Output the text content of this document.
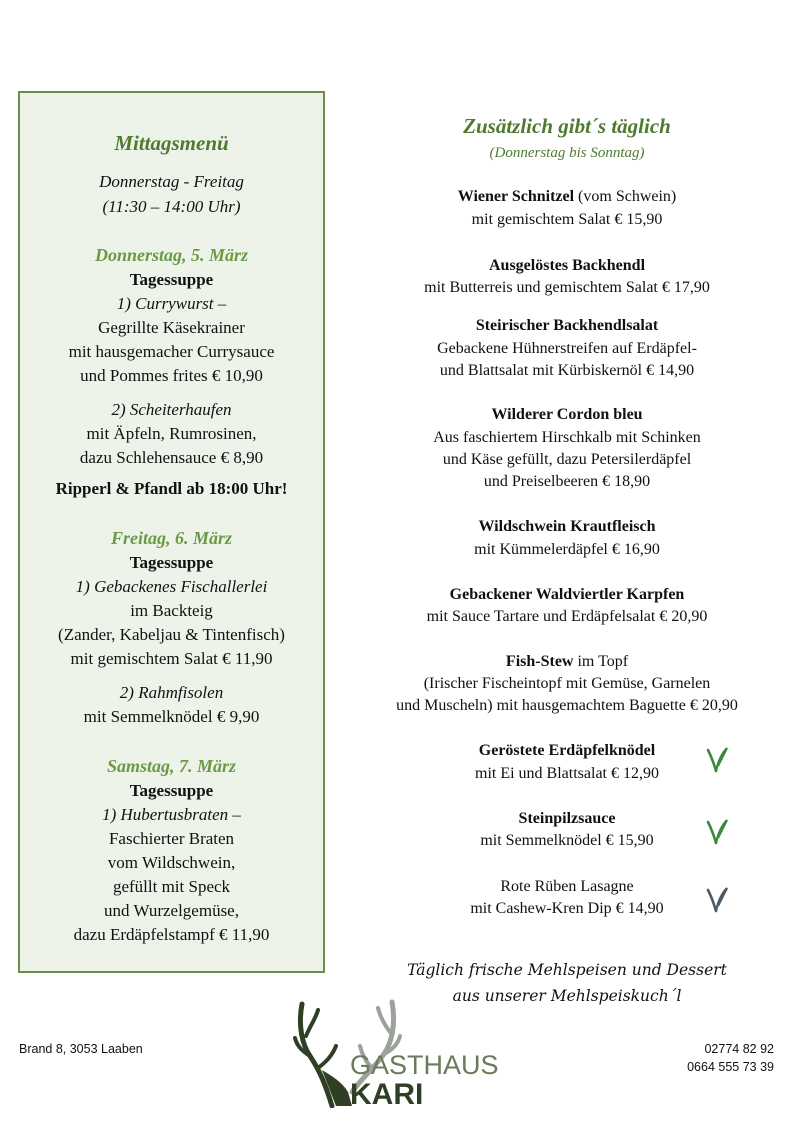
Mittagsmenü
Donnerstag - Freitag
(11:30 – 14:00 Uhr)
Donnerstag, 5. März
Tagessuppe
1) Currywurst –
Gegrillte Käsekrainer
mit hausgemacher Currysauce
und Pommes frites € 10,90
2) Scheiterhaufen
mit Äpfeln, Rumrosinen,
dazu Schlehensauce € 8,90
Ripperl & Pfandl ab 18:00 Uhr!
Freitag, 6. März
Tagessuppe
1) Gebackenes Fischallerlei
im Backteig
(Zander, Kabeljau & Tintenfisch)
mit gemischtem Salat € 11,90
2) Rahmfisolen
mit Semmelknödel € 9,90
Samstag, 7. März
Tagessuppe
1) Hubertusbraten –
Faschierter Braten
vom Wildschwein,
gefüllt mit Speck
und Wurzelgemüse,
dazu Erdäpfelstampf € 11,90
Zusätzlich gibt´s täglich
(Donnerstag bis Sonntag)
Wiener Schnitzel (vom Schwein)
mit gemischtem Salat € 15,90
Ausgelöstes Backhendl
mit Butterreis und gemischtem Salat € 17,90
Steirischer Backhendlsalat
Gebackene Hühnerstreifen auf Erdäpfel-
und Blattsalat mit Kürbiskernöl € 14,90
Wilderer Cordon bleu
Aus faschiertem Hirschkalb mit Schinken
und Käse gefüllt, dazu Petersilerdäpfel
und Preiselbeeren € 18,90
Wildschwein Krautfleisch
mit Kümmelerdäpfel € 16,90
Gebackener Waldviertler Karpfen
mit Sauce Tartare und Erdäpfelsalat € 20,90
Fish-Stew im Topf
(Irischer Fischeintopf mit Gemüse, Garnelen
und Muscheln) mit hausgemachtem Baguette € 20,90
Geröstete Erdäpfelknödel
mit Ei und Blattsalat € 12,90
Steinpilzsauce
mit Semmelknödel € 15,90
Rote Rüben Lasagne
mit Cashew-Kren Dip € 14,90
Täglich frische Mehlspeisen und Dessert
aus unserer Mehlspeiskuch´l
Brand 8, 3053 Laaben	02774 82 92
0664 555 73 39
GASTHAUS
KARI
